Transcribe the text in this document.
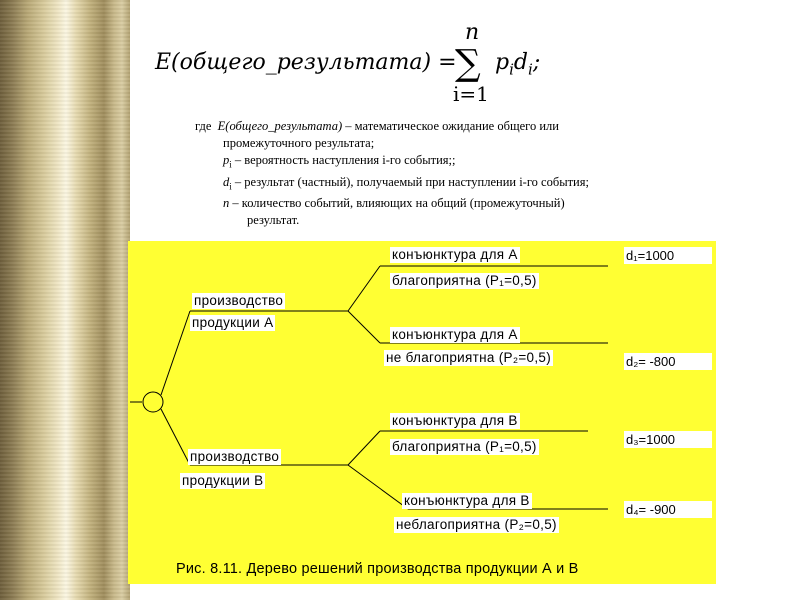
E(общего_результата) =
n
∑
i=1
$p_id_i$;
где E(общего_результата) – математическое ожидание общего или
промежуточного результата;
$p_i$ – вероятность наступления i-го события;;
$d_i$ – результат (частный), получаемый при наступлении i-го события;
n – количество событий, влияющих на общий (промежуточный)
результат.
производство
продукции А
производство
продукции В
конъюнктура для А
благоприятна (Р₁=0,5)
конъюнктура для А
не благоприятна (Р₂=0,5)
конъюнктура для В
благоприятна (Р₁=0,5)
конъюнктура для В
неблагоприятна (Р₂=0,5)
d₁=1000
d₂= -800
d₃=1000
d₄= -900
Рис. 8.11. Дерево решений производства продукции А и В
